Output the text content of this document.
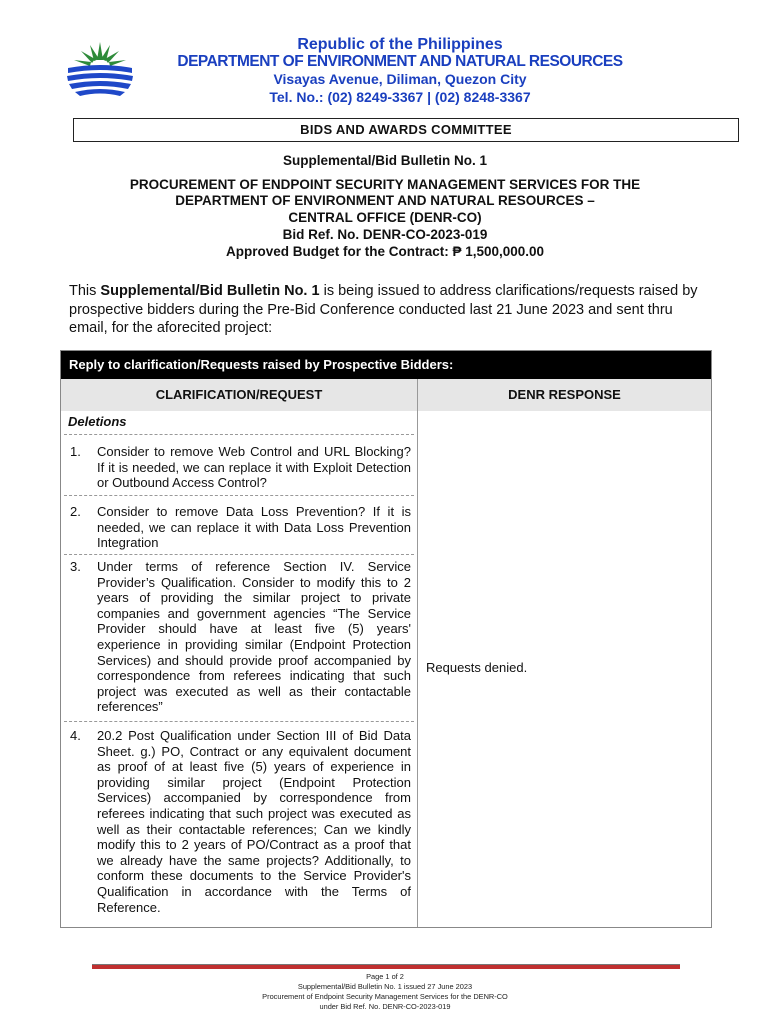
Republic of the Philippines
DEPARTMENT OF ENVIRONMENT AND NATURAL RESOURCES
Visayas Avenue, Diliman, Quezon City
Tel. No.: (02) 8249-3367 | (02) 8248-3367
BIDS AND AWARDS COMMITTEE
Supplemental/Bid Bulletin No. 1
PROCUREMENT OF ENDPOINT SECURITY MANAGEMENT SERVICES FOR THE
DEPARTMENT OF ENVIRONMENT AND NATURAL RESOURCES –
CENTRAL OFFICE (DENR-CO)
Bid Ref. No. DENR-CO-2023-019
Approved Budget for the Contract: ₱ 1,500,000.00
This Supplemental/Bid Bulletin No. 1 is being issued to address clarifications/requests raised by prospective bidders during the Pre-Bid Conference conducted last 21 June 2023 and sent thru email, for the aforecited project:
Reply to clarification/Requests raised by Prospective Bidders:
CLARIFICATION/REQUEST	DENR RESPONSE
Deletions
1. Consider to remove Web Control and URL Blocking? If it is needed, we can replace it with Exploit Detection or Outbound Access Control?
2. Consider to remove Data Loss Prevention? If it is needed, we can replace it with Data Loss Prevention Integration
3. Under terms of reference Section IV. Service Provider’s Qualification. Consider to modify this to 2 years of providing the similar project to private companies and government agencies “The Service Provider should have at least five (5) years' experience in providing similar (Endpoint Protection Services) and should provide proof accompanied by correspondence from referees indicating that such project was executed as well as their contactable references”
4. 20.2 Post Qualification under Section III of Bid Data Sheet. g.) PO, Contract or any equivalent document as proof of at least five (5) years of experience in providing similar project (Endpoint Protection Services) accompanied by correspondence from referees indicating that such project was executed as well as their contactable references; Can we kindly modify this to 2 years of PO/Contract as a proof that we already have the same projects? Additionally, to conform these documents to the Service Provider's Qualification in accordance with the Terms of Reference.
Requests denied.
Page 1 of 2
Supplemental/Bid Bulletin No. 1 issued 27 June 2023
Procurement of Endpoint Security Management Services for the DENR-CO
under Bid Ref. No. DENR-CO-2023-019
